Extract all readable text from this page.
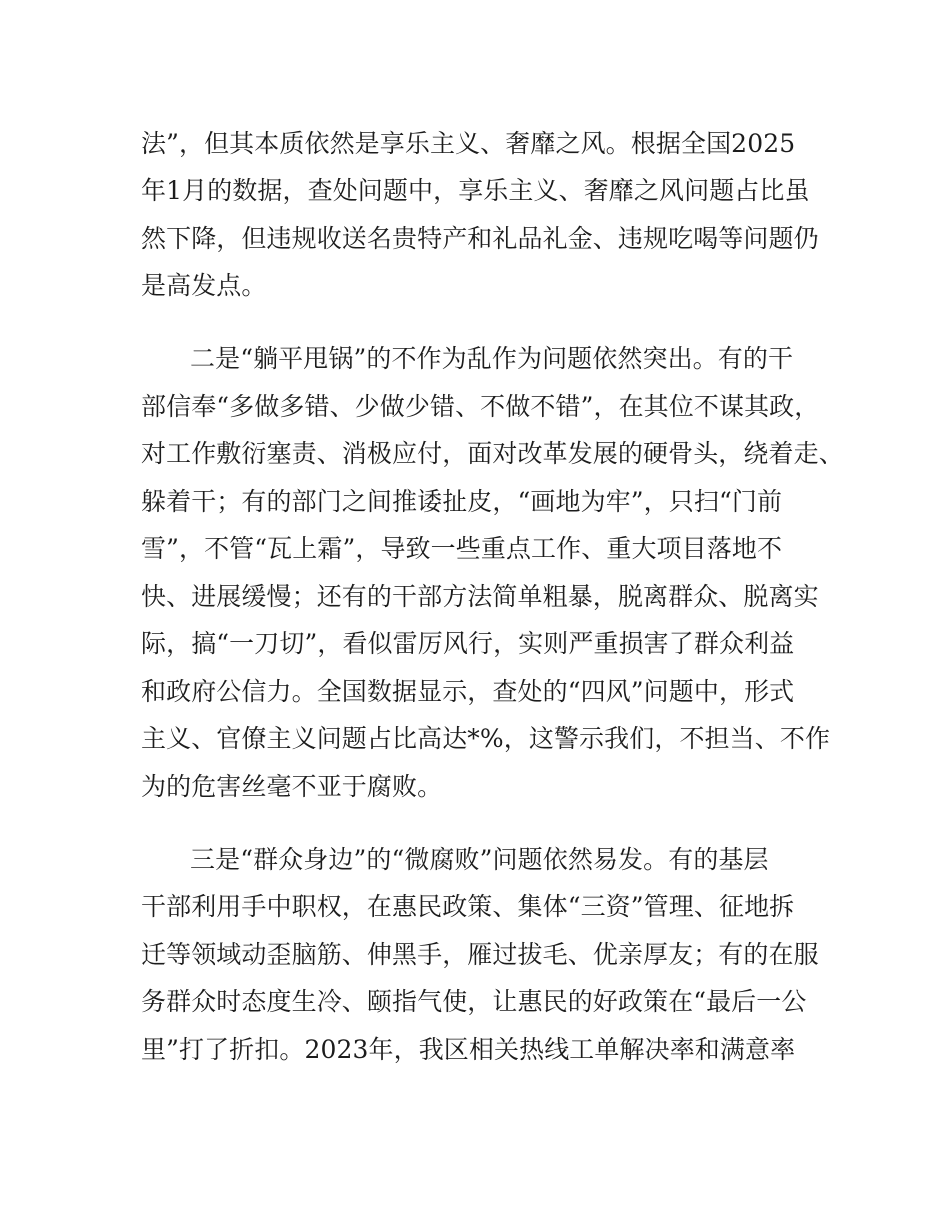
法”，但其本质依然是享乐主义、奢靡之风。根据全国2025

年1月的数据，查处问题中，享乐主义、奢靡之风问题占比虽

然下降，但违规收送名贵特产和礼品礼金、违规吃喝等问题仍

是高发点。

二是“躺平甩锅”的不作为乱作为问题依然突出。有的干

部信奉“多做多错、少做少错、不做不错”，在其位不谋其政，

对工作敷衍塞责、消极应付，面对改革发展的硬骨头，绕着走、

躲着干；有的部门之间推诿扯皮，“画地为牢”，只扫“门前

雪”，不管“瓦上霜”，导致一些重点工作、重大项目落地不

快、进展缓慢；还有的干部方法简单粗暴，脱离群众、脱离实

际，搞“一刀切”，看似雷厉风行，实则严重损害了群众利益

和政府公信力。全国数据显示，查处的“四风”问题中，形式

主义、官僚主义问题占比高达*%，这警示我们，不担当、不作

为的危害丝毫不亚于腐败。

三是“群众身边”的“微腐败”问题依然易发。有的基层

干部利用手中职权，在惠民政策、集体“三资”管理、征地拆

迁等领域动歪脑筋、伸黑手，雁过拔毛、优亲厚友；有的在服

务群众时态度生冷、颐指气使，让惠民的好政策在“最后一公

里”打了折扣。2023年，我区相关热线工单解决率和满意率
